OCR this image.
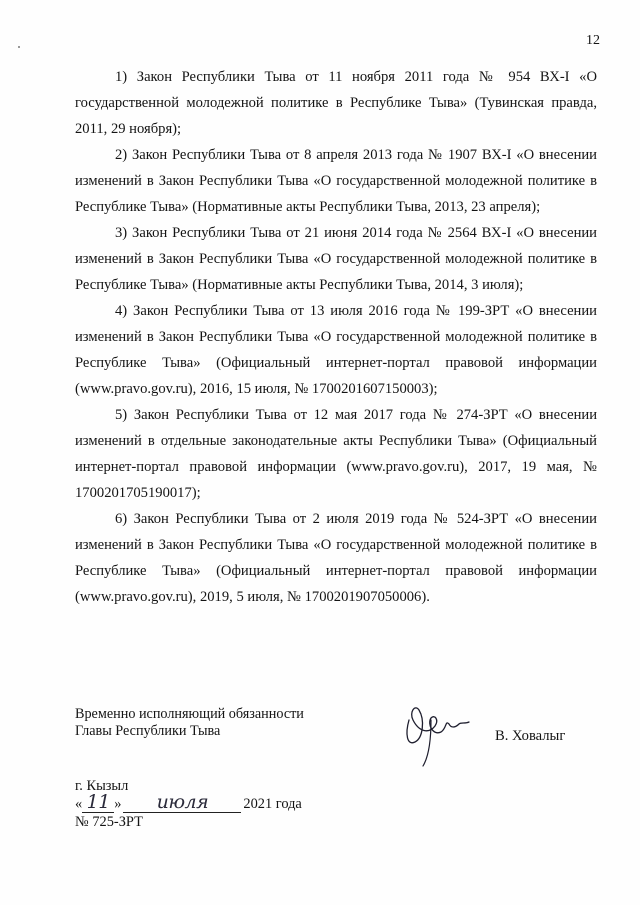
12

1) Закон Республики Тыва от 11 ноября 2011 года № 954 ВХ-I «О государственной молодежной политике в Республике Тыва» (Тувинская правда, 2011, 29 ноября);

2) Закон Республики Тыва от 8 апреля 2013 года № 1907 ВХ-I «О внесении изменений в Закон Республики Тыва «О государственной молодежной политике в Республике Тыва» (Нормативные акты Республики Тыва, 2013, 23 апреля);

3) Закон Республики Тыва от 21 июня 2014 года № 2564 ВХ-I «О внесении изменений в Закон Республики Тыва «О государственной молодежной политике в Республике Тыва» (Нормативные акты Республики Тыва, 2014, 3 июля);

4) Закон Республики Тыва от 13 июля 2016 года № 199-ЗРТ «О внесении изменений в Закон Республики Тыва «О государственной молодежной политике в Республике Тыва» (Официальный интернет-портал правовой информации (www.pravo.gov.ru), 2016, 15 июля, № 1700201607150003);

5) Закон Республики Тыва от 12 мая 2017 года № 274-ЗРТ «О внесении изменений в отдельные законодательные акты Республики Тыва» (Официальный интернет-портал правовой информации (www.pravo.gov.ru), 2017, 19 мая, № 1700201705190017);

6) Закон Республики Тыва от 2 июля 2019 года № 524-ЗРТ «О внесении изменений в Закон Республики Тыва «О государственной молодежной политике в Республике Тыва» (Официальный интернет-портал правовой информации (www.pravo.gov.ru), 2019, 5 июля, № 1700201907050006).

Временно исполняющий обязанности
Главы Республики Тыва	В. Ховалыг
г. Кызыл
« 11 » июля 2021 года
№ 725-ЗРТ
